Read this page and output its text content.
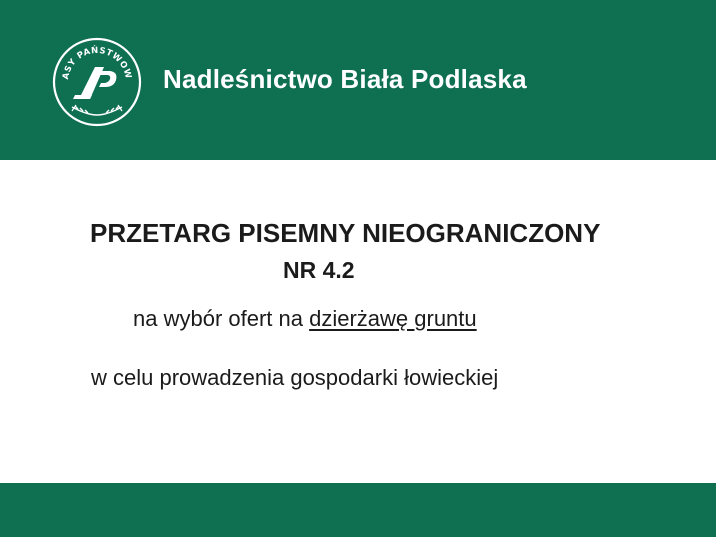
ASY PAŃSTWOW Nadleśnictwo Biała Podlaska
PRZETARG PISEMNY NIEOGRANICZONY
NR 4.2
na wybór ofert na dzierżawę gruntu
w celu prowadzenia gospodarki łowieckiej
